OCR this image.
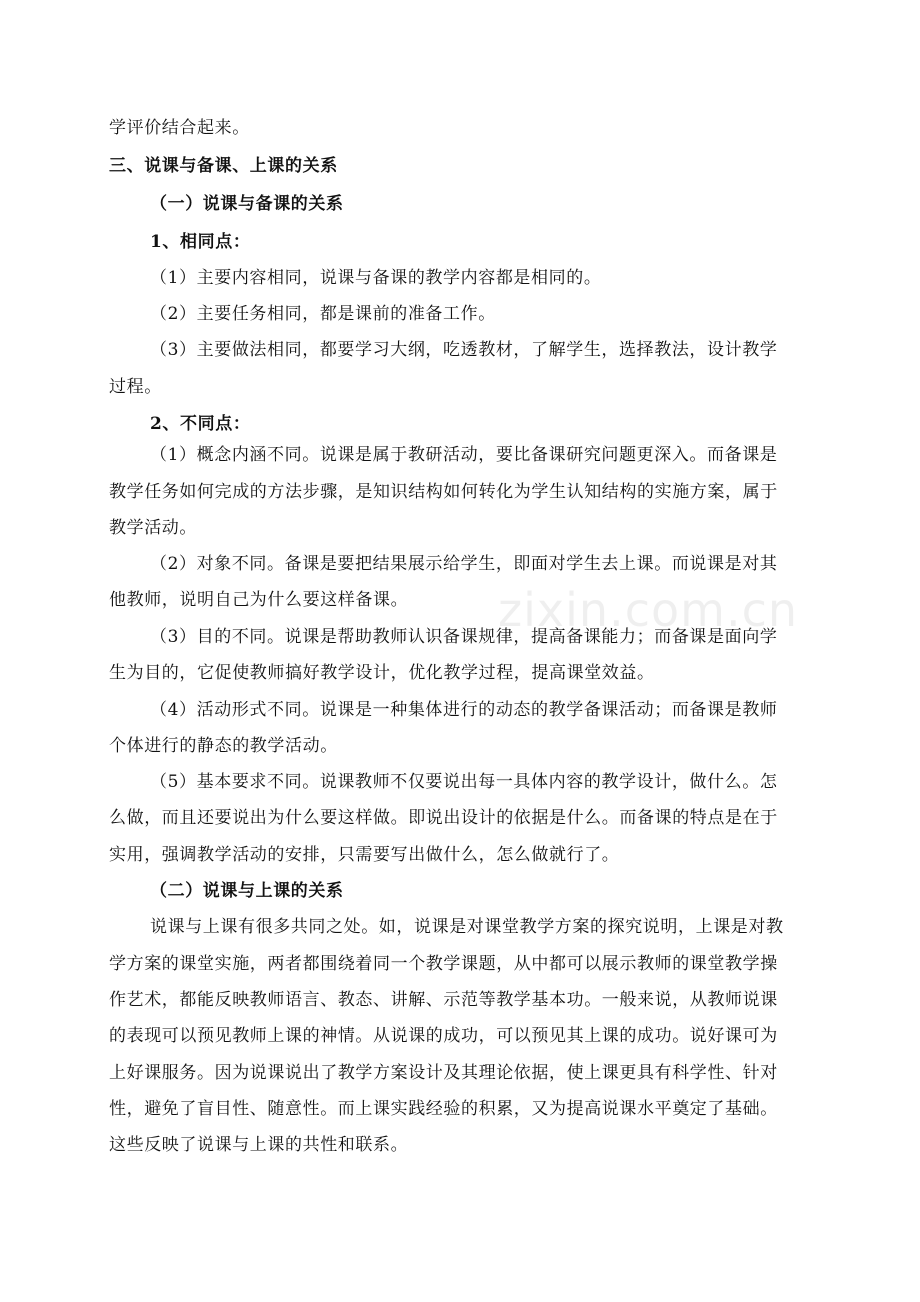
学评价结合起来。
三、说课与备课、上课的关系
（一）说课与备课的关系
1、相同点：
（1）主要内容相同，说课与备课的教学内容都是相同的。
（2）主要任务相同，都是课前的准备工作。
（3）主要做法相同，都要学习大纲，吃透教材，了解学生，选择教法，设计教学
过程。
2、不同点：
（1）概念内涵不同。说课是属于教研活动，要比备课研究问题更深入。而备课是
教学任务如何完成的方法步骤，是知识结构如何转化为学生认知结构的实施方案，属于
教学活动。
（2）对象不同。备课是要把结果展示给学生，即面对学生去上课。而说课是对其
他教师，说明自己为什么要这样备课。
（3）目的不同。说课是帮助教师认识备课规律，提高备课能力；而备课是面向学
生为目的，它促使教师搞好教学设计，优化教学过程，提高课堂效益。
（4）活动形式不同。说课是一种集体进行的动态的教学备课活动；而备课是教师
个体进行的静态的教学活动。
（5）基本要求不同。说课教师不仅要说出每一具体内容的教学设计，做什么。怎
么做，而且还要说出为什么要这样做。即说出设计的依据是什么。而备课的特点是在于
实用，强调教学活动的安排，只需要写出做什么，怎么做就行了。
（二）说课与上课的关系
说课与上课有很多共同之处。如，说课是对课堂教学方案的探究说明，上课是对教
学方案的课堂实施，两者都围绕着同一个教学课题，从中都可以展示教师的课堂教学操
作艺术，都能反映教师语言、教态、讲解、示范等教学基本功。一般来说，从教师说课
的表现可以预见教师上课的神情。从说课的成功，可以预见其上课的成功。说好课可为
上好课服务。因为说课说出了教学方案设计及其理论依据，使上课更具有科学性、针对
性，避免了盲目性、随意性。而上课实践经验的积累，又为提高说课水平奠定了基础。
这些反映了说课与上课的共性和联系。
zixin.com.cn
